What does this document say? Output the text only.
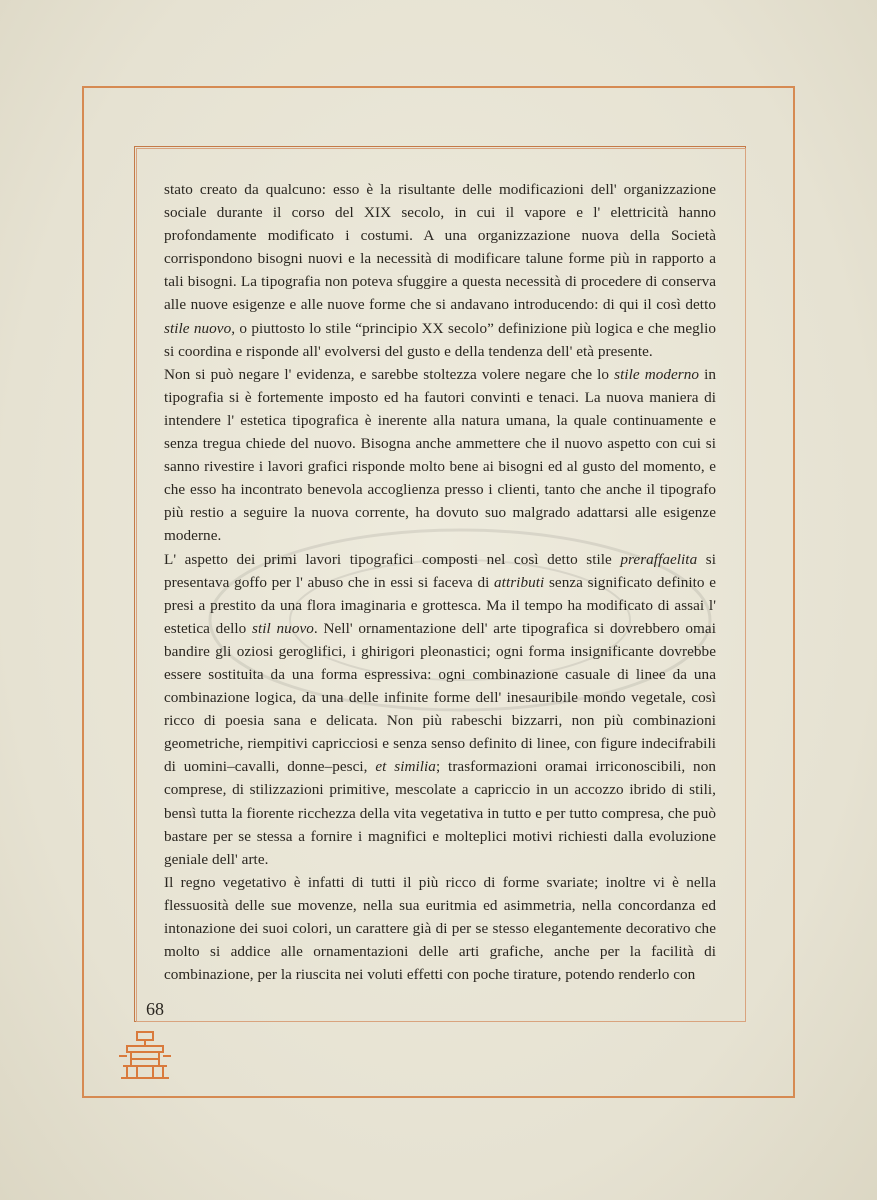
stato creato da qualcuno: esso è la risultante delle modificazioni dell' organizzazione sociale durante il corso del XIX secolo, in cui il vapore e l' elettricità hanno profondamente modificato i costumi. A una organizzazione nuova della Società corrispondono bisogni nuovi e la necessità di modificare talune forme più in rapporto a tali bisogni. La tipografia non poteva sfuggire a questa necessità di procedere di conserva alle nuove esigenze e alle nuove forme che si andavano introducendo: di qui il così detto stile nuovo, o piuttosto lo stile “principio XX secolo” definizione più logica e che meglio si coordina e risponde all' evolversi del gusto e della tendenza dell' età presente.

Non si può negare l' evidenza, e sarebbe stoltezza volere negare che lo stile moderno in tipografia si è fortemente imposto ed ha fautori convinti e tenaci. La nuova maniera di intendere l' estetica tipografica è inerente alla natura umana, la quale continuamente e senza tregua chiede del nuovo. Bisogna anche ammettere che il nuovo aspetto con cui si sanno rivestire i lavori grafici risponde molto bene ai bisogni ed al gusto del momento, e che esso ha incontrato benevola accoglienza presso i clienti, tanto che anche il tipografo più restio a seguire la nuova corrente, ha dovuto suo malgrado adattarsi alle esigenze moderne.

L' aspetto dei primi lavori tipografici composti nel così detto stile preraffaelita si presentava goffo per l' abuso che in essi si faceva di attributi senza significato definito e presi a prestito da una flora imaginaria e grottesca. Ma il tempo ha modificato di assai l' estetica dello stil nuovo. Nell' ornamentazione dell' arte tipografica si dovrebbero omai bandire gli oziosi geroglifici, i ghirigori pleonastici; ogni forma insignificante dovrebbe essere sostituita da una forma espressiva: ogni combinazione casuale di linee da una combinazione logica, da una delle infinite forme dell' inesauribile mondo vegetale, così ricco di poesia sana e delicata. Non più rabeschi bizzarri, non più combinazioni geometriche, riempitivi capricciosi e senza senso definito di linee, con figure indecifrabili di uomini–cavalli, donne–pesci, et similia; trasformazioni oramai irriconoscibili, non comprese, di stilizzazioni primitive, mescolate a capriccio in un accozzo ibrido di stili, bensì tutta la fiorente ricchezza della vita vegetativa in tutto e per tutto compresa, che può bastare per se stessa a fornire i magnifici e molteplici motivi richiesti dalla evoluzione geniale dell' arte.

Il regno vegetativo è infatti di tutti il più ricco di forme svariate; inoltre vi è nella flessuosità delle sue movenze, nella sua euritmia ed asimmetria, nella concordanza ed intonazione dei suoi colori, un carattere già di per se stesso elegantemente decorativo che molto si addice alle ornamentazioni delle arti grafiche, anche per la facilità di combinazione, per la riuscita nei voluti effetti con poche tirature, potendo renderlo con

68
